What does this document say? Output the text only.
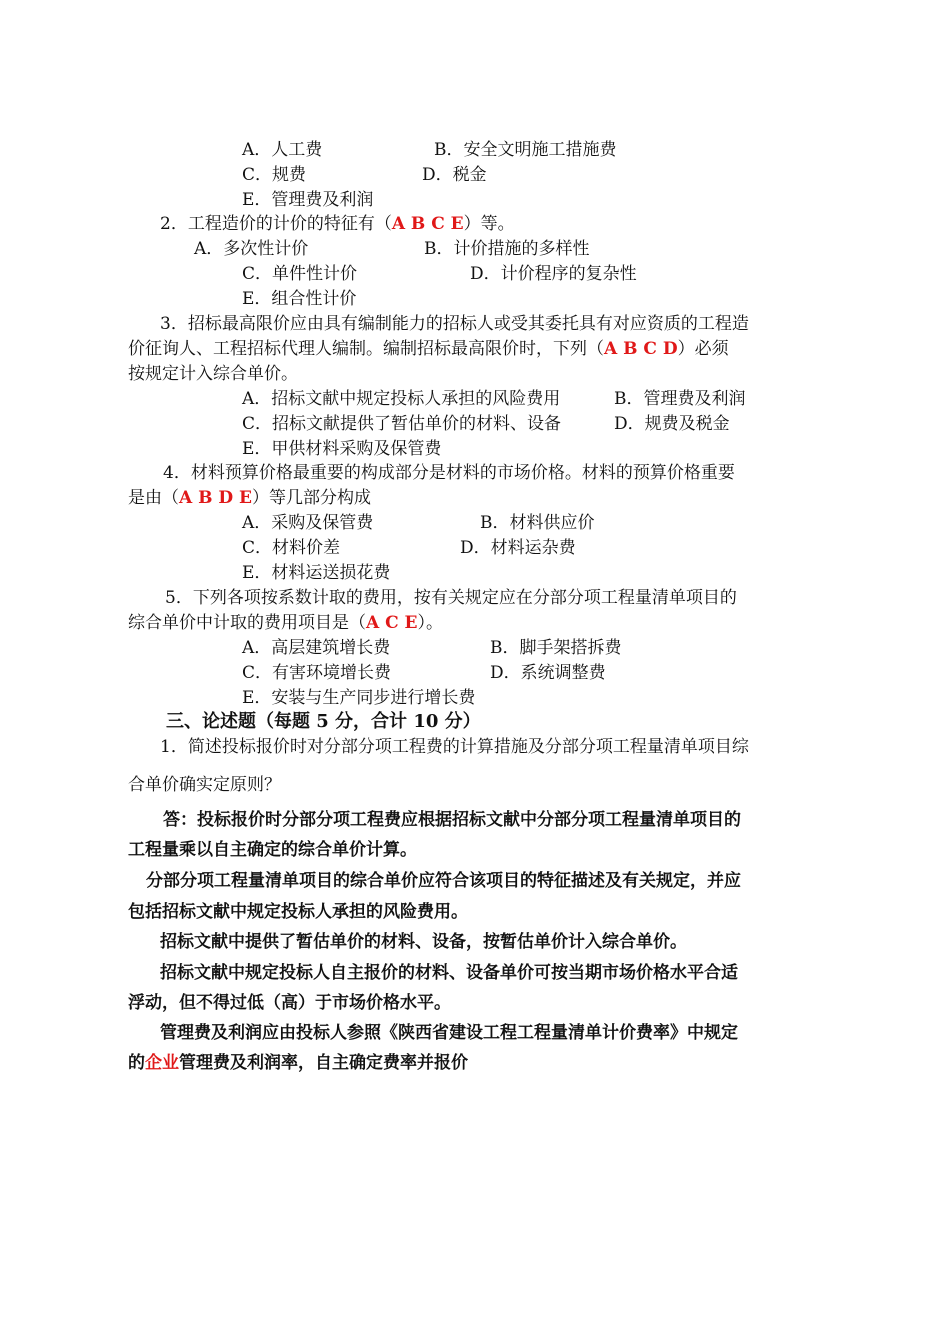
A．人工费	B．安全文明施工措施费
C．规费	D．税金
E．管理费及利润
2．工程造价的计价的特征有（A B C E）等。
A．多次性计价	B．计价措施的多样性
C．单件性计价	D．计价程序的复杂性
E．组合性计价
3．招标最高限价应由具有编制能力的招标人或受其委托具有对应资质的工程造
价征询人、工程招标代理人编制。编制招标最高限价时，下列（A B C D）必须
按规定计入综合单价。
A．招标文献中规定投标人承担的风险费用	B．管理费及利润
C．招标文献提供了暂估单价的材料、设备	D．规费及税金
E．甲供材料采购及保管费
4．材料预算价格最重要的构成部分是材料的市场价格。材料的预算价格重要
是由（A B D E）等几部分构成
A．采购及保管费	B．材料供应价
C．材料价差	D．材料运杂费
E．材料运送损花费
5．下列各项按系数计取的费用，按有关规定应在分部分项工程量清单项目的
综合单价中计取的费用项目是（A C E）。
A．高层建筑增长费	B．脚手架搭拆费
C．有害环境增长费	D．系统调整费
E．安装与生产同步进行增长费
三、论述题（每题 5 分，合计 10 分）
1．简述投标报价时对分部分项工程费的计算措施及分部分项工程量清单项目综
合单价确实定原则？
答：投标报价时分部分项工程费应根据招标文献中分部分项工程量清单项目的
工程量乘以自主确定的综合单价计算。
分部分项工程量清单项目的综合单价应符合该项目的特征描述及有关规定，并应
包括招标文献中规定投标人承担的风险费用。
招标文献中提供了暂估单价的材料、设备，按暂估单价计入综合单价。
招标文献中规定投标人自主报价的材料、设备单价可按当期市场价格水平合适
浮动，但不得过低（高）于市场价格水平。
管理费及利润应由投标人参照《陕西省建设工程工程量清单计价费率》中规定
的企业管理费及利润率，自主确定费率并报价
